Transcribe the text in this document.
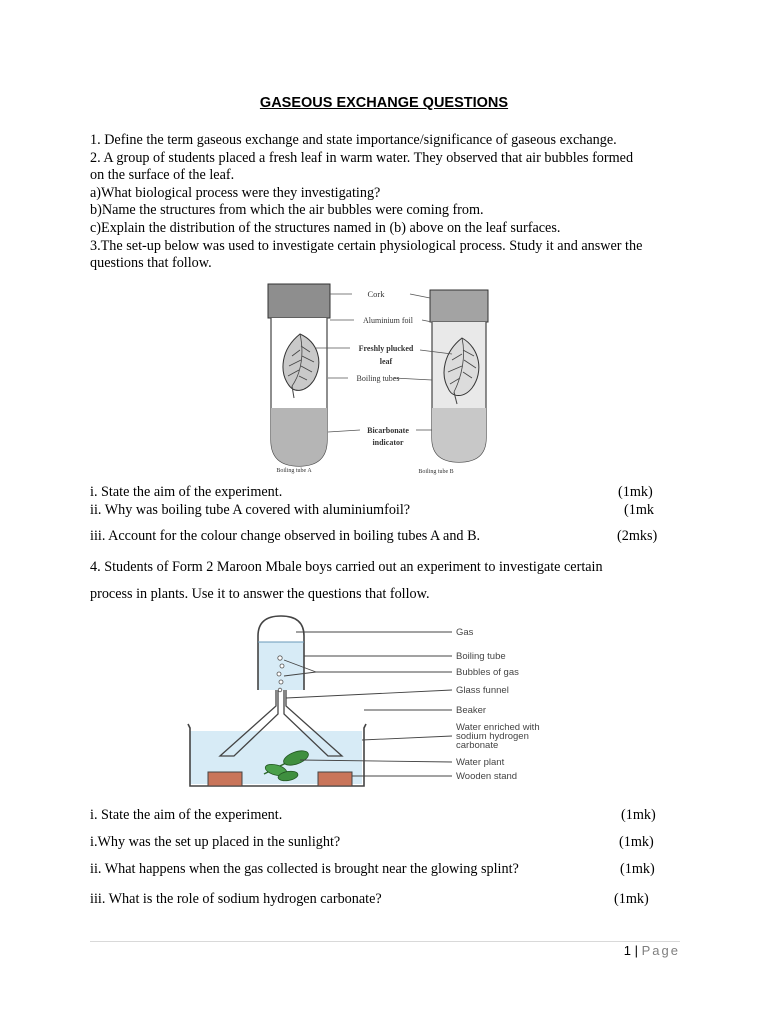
GASEOUS EXCHANGE QUESTIONS
1. Define the term gaseous exchange and state importance/significance of gaseous exchange.
2. A group of students placed a fresh leaf in warm water. They observed that air bubbles formed
on the surface of the leaf.
a)What biological process were they investigating?
b)Name the structures from which the air bubbles were coming from.
c)Explain the distribution of the structures named in (b) above on the leaf surfaces.
3.The set-up below was used to investigate certain physiological process. Study it and answer the
questions that follow.
Cork
Aluminium foil
Freshly plucked
leaf
Boiling tubes
Bicarbonate
indicator
Boiling tube A	Boiling tube B
i. State the aim of the experiment.	(1mk)
ii. Why was boiling tube A covered with aluminiumfoil?	(1mk
iii. Account for the colour change observed in boiling tubes A and B.	(2mks)
4. Students of Form 2 Maroon Mbale boys carried out an experiment to investigate certain
process in plants. Use it to answer the questions that follow.
Gas
Boiling tube
Bubbles of gas
Glass funnel
Beaker
Water enriched with
sodium hydrogen
carbonate
Water plant
Wooden stand
i. State the aim of the experiment.	(1mk)
i.Why was the set up placed in the sunlight?	(1mk)
ii. What happens when the gas collected is brought near the glowing splint?	(1mk)
iii. What is the role of sodium hydrogen carbonate?	(1mk)
1 | Page
